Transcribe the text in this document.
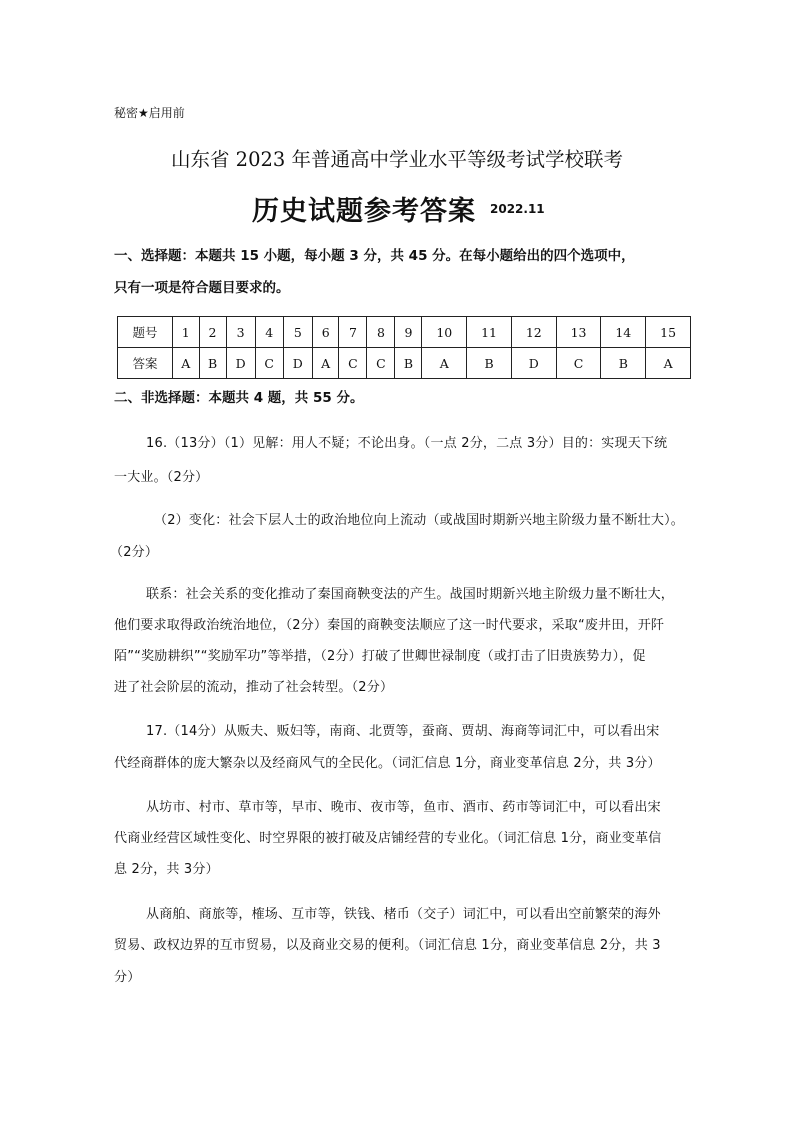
秘密★启用前
山东省 2023 年普通高中学业水平等级考试学校联考
历史试题参考答案 2022.11
一、选择题：本题共 15 小题，每小题 3 分，共 45 分。在每小题给出的四个选项中，
只有一项是符合题目要求的。
题号	1	2	3	4	5	6	7	8	9	10	11	12	13	14	15
答案	A	B	D	C	D	A	C	C	B	A	B	D	C	B	A
二、非选择题：本题共 4 题，共 55 分。
16.（13分）（1）见解：用人不疑；不论出身。（一点 2分，二点 3分）目的：实现天下统
一大业。（2分）
（2）变化：社会下层人士的政治地位向上流动（或战国时期新兴地主阶级力量不断壮大）。
（2分）
联系：社会关系的变化推动了秦国商鞅变法的产生。战国时期新兴地主阶级力量不断壮大，
他们要求取得政治统治地位，（2分）秦国的商鞅变法顺应了这一时代要求，采取“废井田，开阡
陌”“奖励耕织”“奖励军功”等举措，（2分）打破了世卿世禄制度（或打击了旧贵族势力），促
进了社会阶层的流动，推动了社会转型。（2分）
17.（14分）从贩夫、贩妇等，南商、北贾等，蚕商、贾胡、海商等词汇中，可以看出宋
代经商群体的庞大繁杂以及经商风气的全民化。（词汇信息 1分，商业变革信息 2分，共 3分）
从坊市、村市、草市等，早市、晚市、夜市等，鱼市、酒市、药市等词汇中，可以看出宋
代商业经营区域性变化、时空界限的被打破及店铺经营的专业化。（词汇信息 1分，商业变革信
息 2分，共 3分）
从商舶、商旅等，榷场、互市等，铁钱、楮币（交子）词汇中，可以看出空前繁荣的海外
贸易、政权边界的互市贸易，以及商业交易的便利。（词汇信息 1分，商业变革信息 2分，共 3
分）
